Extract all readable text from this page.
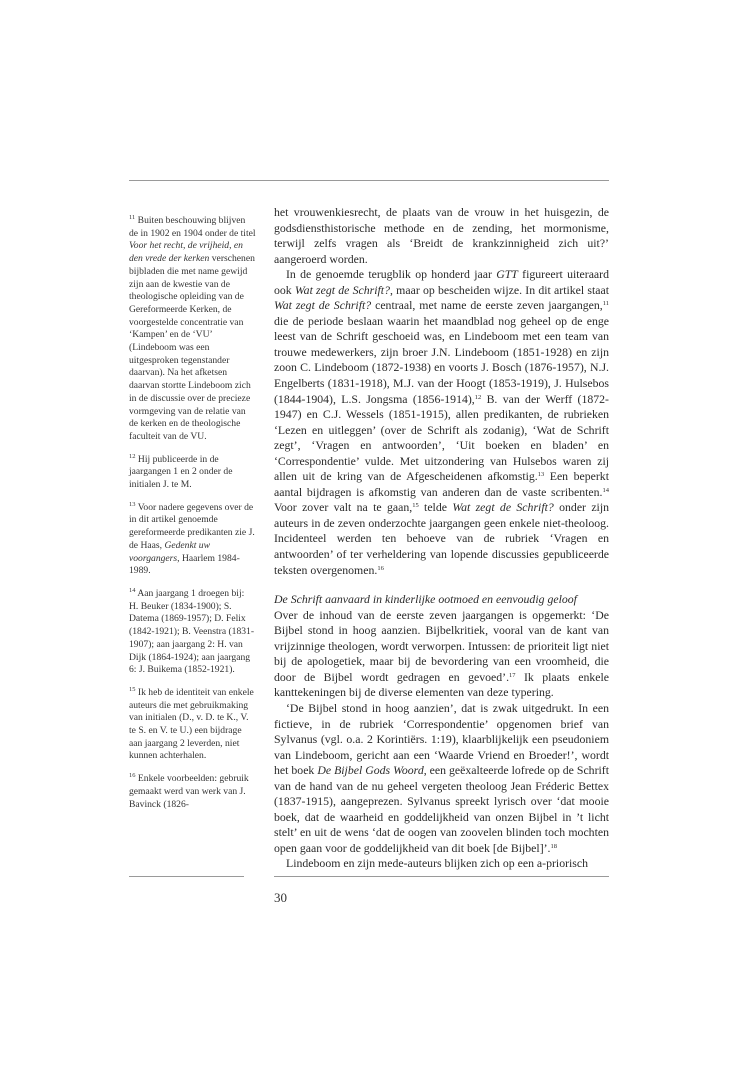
$^{11}$ Buiten beschouwing blijven de in 1902 en 1904 onder de titel Voor het recht, de vrijheid, en den vrede der kerken verschenen bijbladen die met name gewijd zijn aan de kwestie van de theologische opleiding van de Gereformeerde Kerken, de voorgestelde concentratie van ‘Kampen’ en de ‘VU’ (Lindeboom was een uitgesproken tegenstander daarvan). Na het afketsen daarvan stortte Lindeboom zich in de discussie over de precieze vormgeving van de relatie van de kerken en de theologische faculteit van de VU.

$^{12}$ Hij publiceerde in de jaargangen 1 en 2 onder de initialen J. te M.

$^{13}$ Voor nadere gegevens over de in dit artikel genoemde gereformeerde predikanten zie J. de Haas, Gedenkt uw voorgangers, Haarlem 1984-1989.

$^{14}$ Aan jaargang 1 droegen bij: H. Beuker (1834-1900); S. Datema (1869-1957); D. Felix (1842-1921); B. Veenstra (1831-1907); aan jaargang 2: H. van Dijk (1864-1924); aan jaargang 6: J. Buikema (1852-1921).

$^{15}$ Ik heb de identiteit van enkele auteurs die met gebruikmaking van initialen (D., v. D. te K., V. te S. en V. te U.) een bijdrage aan jaargang 2 leverden, niet kunnen achterhalen.

$^{16}$ Enkele voorbeelden: gebruik gemaakt werd van werk van J. Bavinck (1826-

het vrouwenkiesrecht, de plaats van de vrouw in het huisgezin, de godsdiensthistorische methode en de zending, het mormonisme, terwijl zelfs vragen als ‘Breidt de krankzinnigheid zich uit?’ aangeroerd worden.

In de genoemde terugblik op honderd jaar GTT figureert uiteraard ook Wat zegt de Schrift?, maar op bescheiden wijze. In dit artikel staat Wat zegt de Schrift? centraal, met name de eerste zeven jaargangen,$^{11}$ die de periode beslaan waarin het maandblad nog geheel op de enge leest van de Schrift geschoeid was, en Lindeboom met een team van trouwe medewerkers, zijn broer J.N. Lindeboom (1851-1928) en zijn zoon C. Lindeboom (1872-1938) en voorts J. Bosch (1876-1957), N.J. Engelberts (1831-1918), M.J. van der Hoogt (1853-1919), J. Hulsebos (1844-1904), L.S. Jongsma (1856-1914),$^{12}$ B. van der Werff (1872-1947) en C.J. Wessels (1851-1915), allen predikanten, de rubrieken ‘Lezen en uitleggen’ (over de Schrift als zodanig), ‘Wat de Schrift zegt’, ‘Vragen en antwoorden’, ‘Uit boeken en bladen’ en ‘Correspondentie’ vulde. Met uitzondering van Hulsebos waren zij allen uit de kring van de Afgescheidenen afkomstig.$^{13}$ Een beperkt aantal bijdragen is afkomstig van anderen dan de vaste scribenten.$^{14}$ Voor zover valt na te gaan,$^{15}$ telde Wat zegt de Schrift? onder zijn auteurs in de zeven onderzochte jaargangen geen enkele niet-theoloog. Incidenteel werden ten behoeve van de rubriek ‘Vragen en antwoorden’ of ter verheldering van lopende discussies gepubliceerde teksten overgenomen.$^{16}$

De Schrift aanvaard in kinderlijke ootmoed en eenvoudig geloof

Over de inhoud van de eerste zeven jaargangen is opgemerkt: ‘De Bijbel stond in hoog aanzien. Bijbelkritiek, vooral van de kant van vrijzinnige theologen, wordt verworpen. Intussen: de prioriteit ligt niet bij de apologetiek, maar bij de bevordering van een vroomheid, die door de Bijbel wordt gedragen en gevoed’.$^{17}$ Ik plaats enkele kanttekeningen bij de diverse elementen van deze typering.

‘De Bijbel stond in hoog aanzien’, dat is zwak uitgedrukt. In een fictieve, in de rubriek ‘Correspondentie’ opgenomen brief van Sylvanus (vgl. o.a. 2 Korintiërs. 1:19), klaarblijkelijk een pseudoniem van Lindeboom, gericht aan een ‘Waarde Vriend en Broeder!’, wordt het boek De Bijbel Gods Woord, een geëxalteerde lofrede op de Schrift van de hand van de nu geheel vergeten theoloog Jean Fréderic Bettex (1837-1915), aangeprezen. Sylvanus spreekt lyrisch over ‘dat mooie boek, dat de waarheid en goddelijkheid van onzen Bijbel in ’t licht stelt’ en uit de wens ‘dat de oogen van zoovelen blinden toch mochten open gaan voor de goddelijkheid van dit boek [de Bijbel]’.$^{18}$

Lindeboom en zijn mede-auteurs blijken zich op een a-priorisch

30
